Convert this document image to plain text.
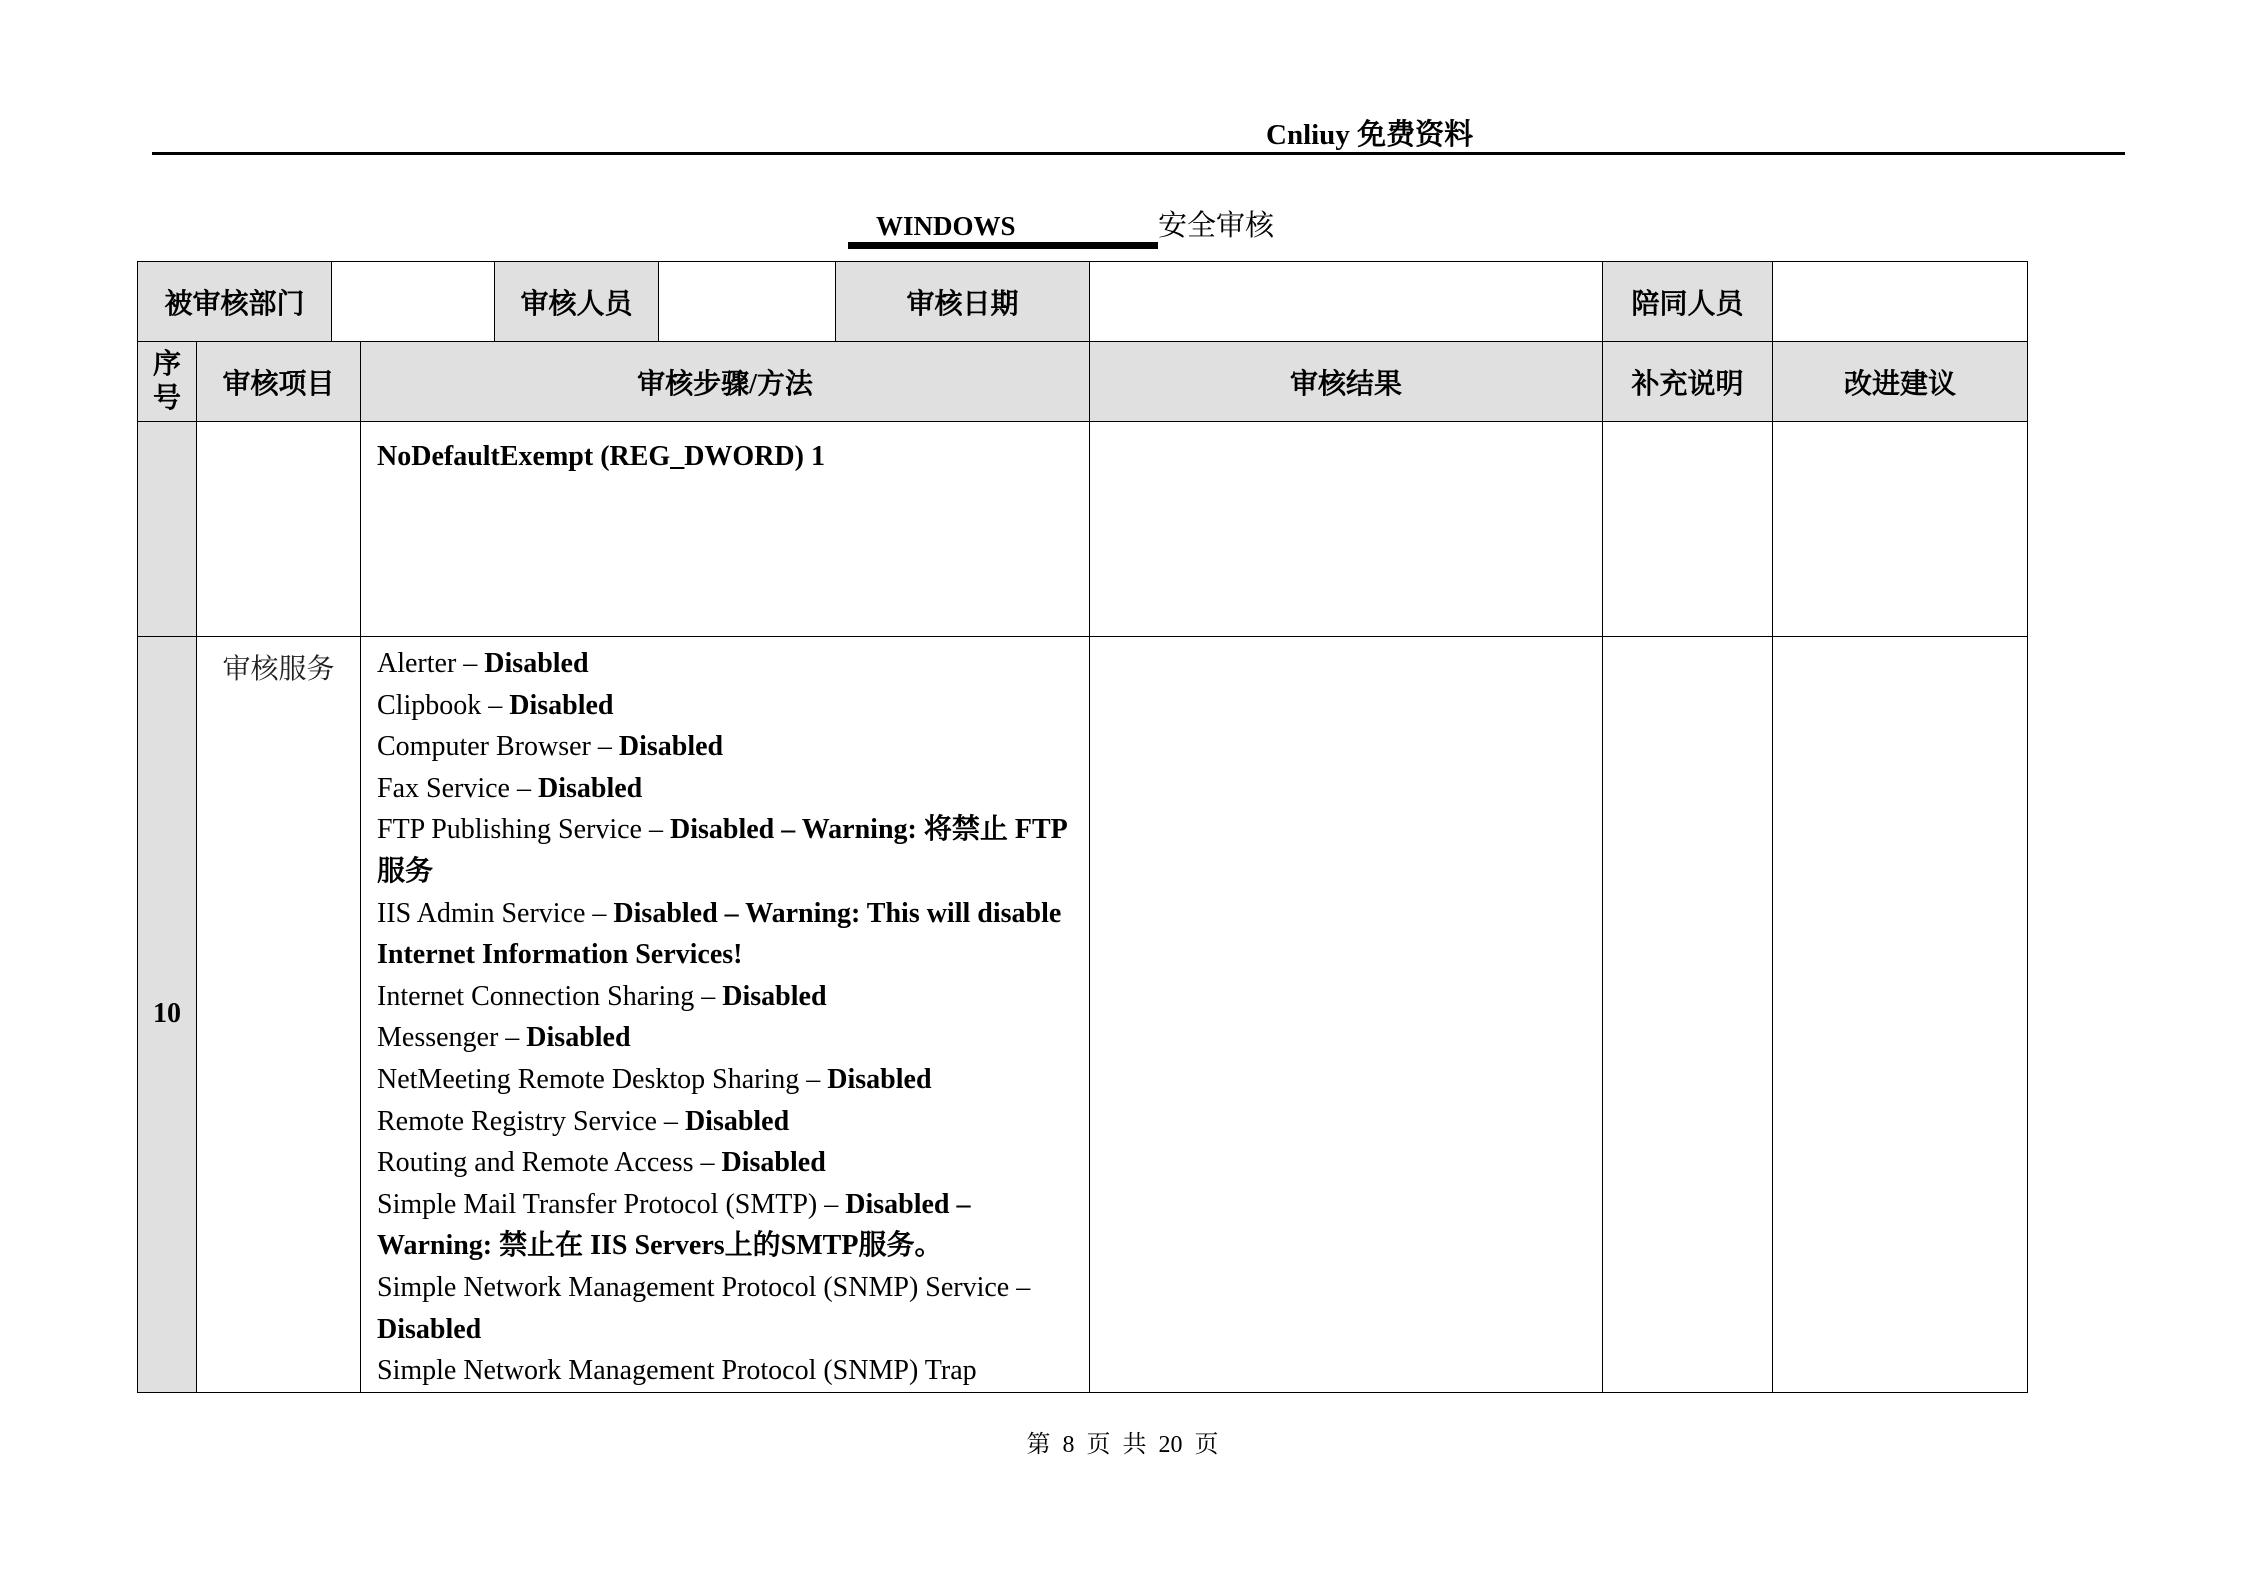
Cnliuy 免费资料
WINDOWS	安全审核
被审核部门				审核人员		审核日期		陪同人员	
序号	审核项目		审核步骤/方法				审核结果	补充说明	改进建议

			NoDefaultExempt (REG_DWORD) 1						

10	审核服务	Alerter – Disabled
Clipbook – Disabled
Computer Browser – Disabled
Fax Service – Disabled
FTP Publishing Service – Disabled – Warning: 将禁止 FTP 服务
IIS Admin Service – Disabled – Warning: This will disable Internet Information Services!
Internet Connection Sharing – Disabled
Messenger – Disabled
NetMeeting Remote Desktop Sharing – Disabled
Remote Registry Service – Disabled
Routing and Remote Access – Disabled
Simple Mail Transfer Protocol (SMTP) – Disabled – Warning: 禁止在 IIS Servers上的SMTP服务。
Simple Network Management Protocol (SNMP) Service – Disabled
Simple Network Management Protocol (SNMP) Trap

第 8 页 共 20 页
